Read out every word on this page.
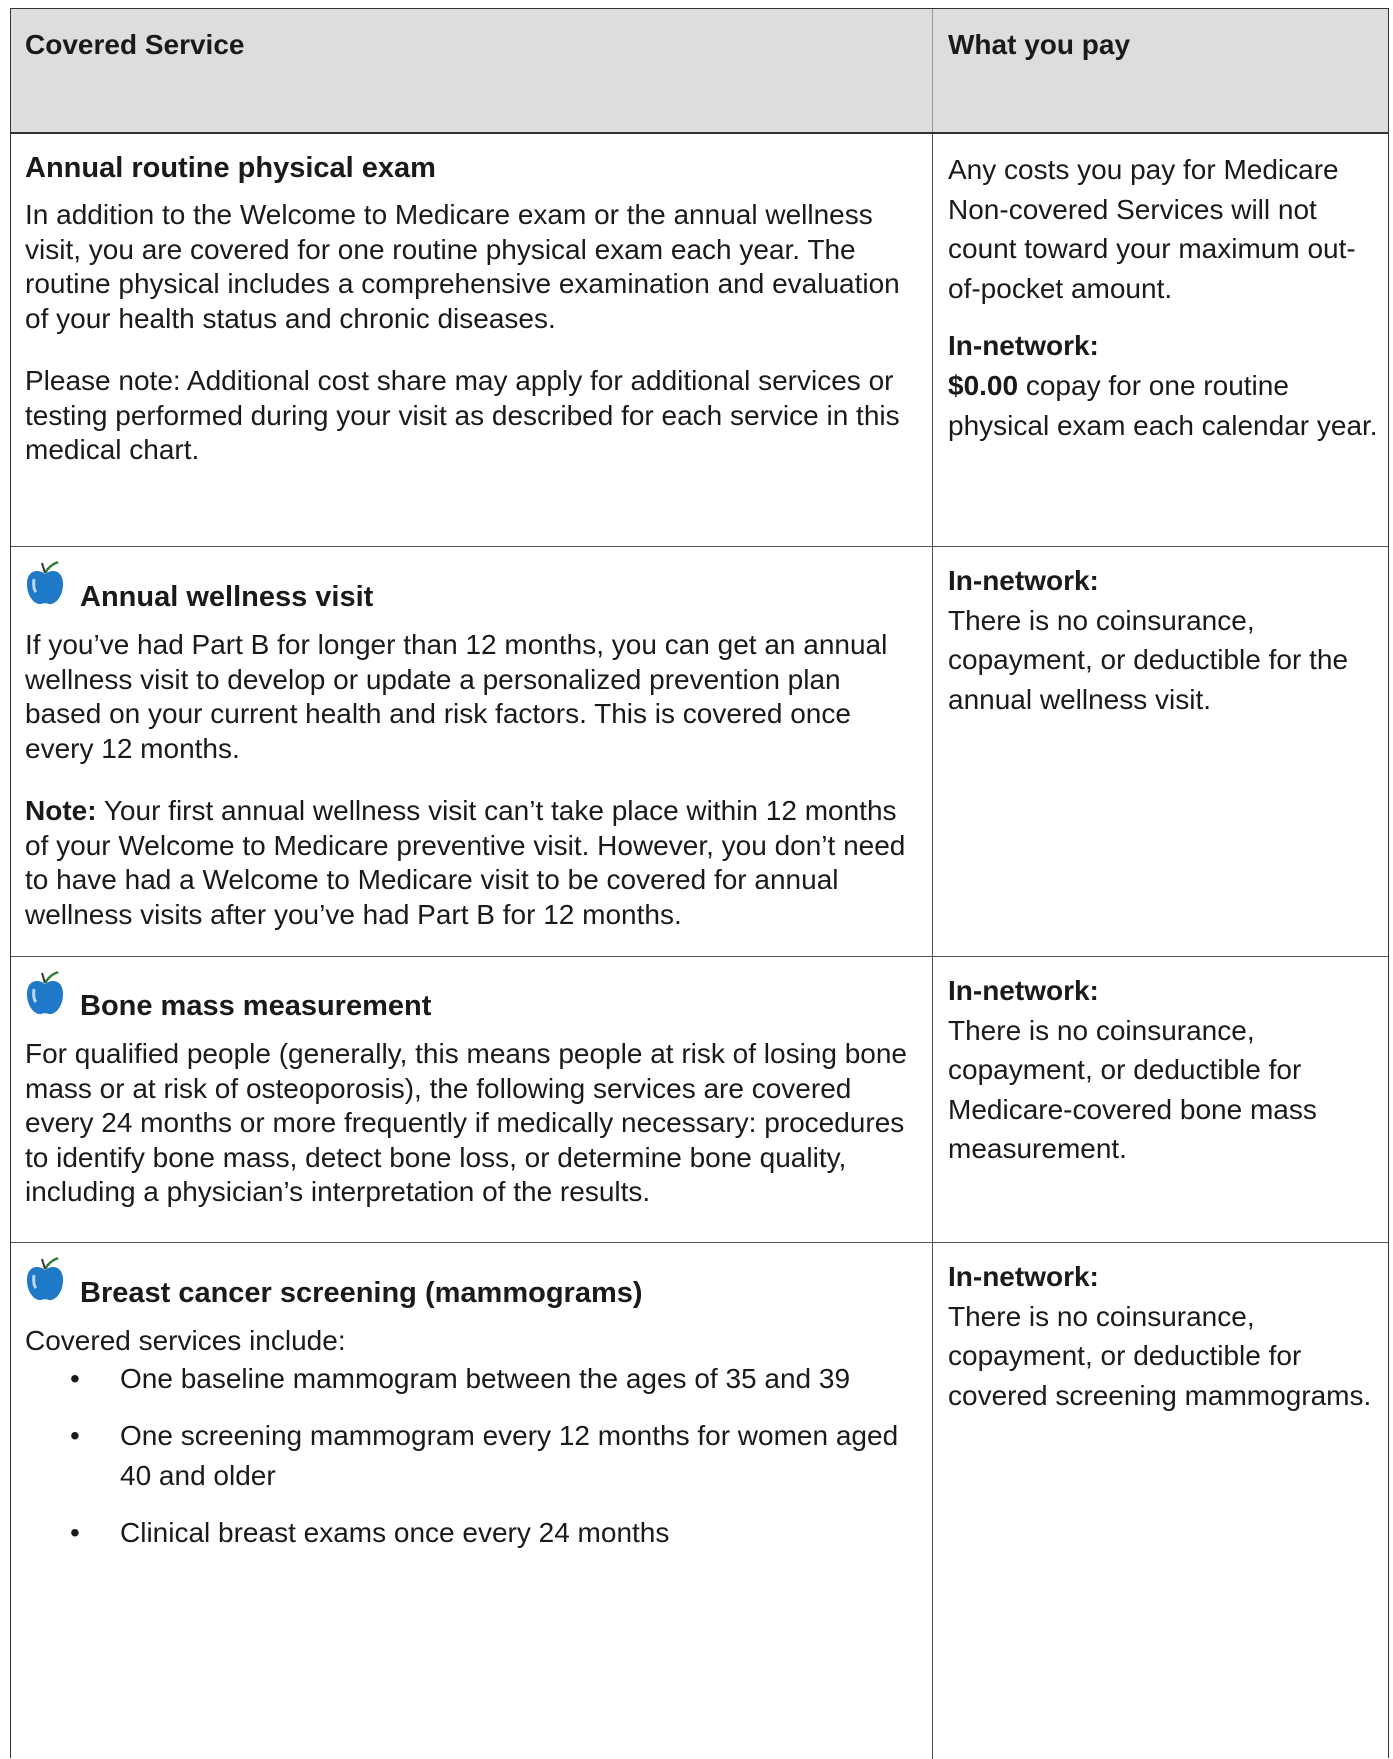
Covered Service	What you pay
Annual routine physical exam

In addition to the Welcome to Medicare exam or the annual wellness visit, you are covered for one routine physical exam each year. The routine physical includes a comprehensive examination and evaluation of your health status and chronic diseases.

Please note: Additional cost share may apply for additional services or testing performed during your visit as described for each service in this medical chart.

Any costs you pay for Medicare Non-covered Services will not count toward your maximum out-of-pocket amount.

In-network:

$0.00 copay for one routine physical exam each calendar year.

Annual wellness visit

If you’ve had Part B for longer than 12 months, you can get an annual wellness visit to develop or update a personalized prevention plan based on your current health and risk factors. This is covered once every 12 months.

Note: Your first annual wellness visit can’t take place within 12 months of your Welcome to Medicare preventive visit. However, you don’t need to have had a Welcome to Medicare visit to be covered for annual wellness visits after you’ve had Part B for 12 months.

In-network:

There is no coinsurance, copayment, or deductible for the annual wellness visit.

Bone mass measurement

For qualified people (generally, this means people at risk of losing bone mass or at risk of osteoporosis), the following services are covered every 24 months or more frequently if medically necessary: procedures to identify bone mass, detect bone loss, or determine bone quality, including a physician’s interpretation of the results.

In-network:

There is no coinsurance, copayment, or deductible for Medicare-covered bone mass measurement.

Breast cancer screening (mammograms)

Covered services include:

• One baseline mammogram between the ages of 35 and 39
• One screening mammogram every 12 months for women aged 40 and older
• Clinical breast exams once every 24 months

In-network:

There is no coinsurance, copayment, or deductible for covered screening mammograms.
